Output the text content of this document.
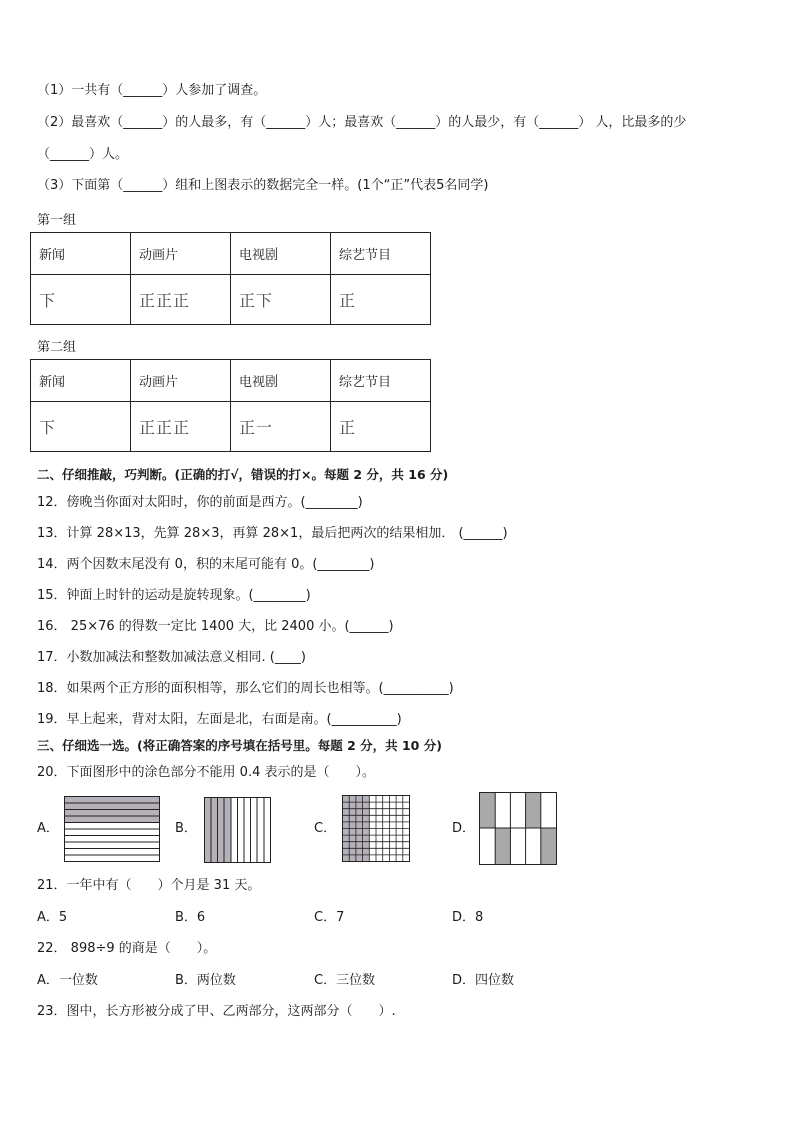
（1）一共有（______）人参加了调查。
（2）最喜欢（______）的人最多，有（______）人；最喜欢（______）的人最少，有（______） 人，比最多的少
（______）人。
（3）下面第（______）组和上图表示的数据完全一样。(1个“正”代表5名同学)
第一组
新闻	动画片	电视剧	综艺节目
下	正正正	正下	正
第二组
新闻	动画片	电视剧	综艺节目
下	正正正	正一	正
二、仔细推敲，巧判断。(正确的打√，错误的打×。每题 2 分，共 16 分)
12．傍晚当你面对太阳时，你的前面是西方。(________)
13．计算 28×13，先算 28×3，再算 28×1，最后把两次的结果相加． (______)
14．两个因数末尾没有 0，积的末尾可能有 0。(________)
15．钟面上时针的运动是旋转现象。(________)
16． 25×76 的得数一定比 1400 大，比 2400 小。(______)
17．小数加减法和整数加减法意义相同. (____)
18．如果两个正方形的面积相等，那么它们的周长也相等。(__________)
19．早上起来，背对太阳，左面是北，右面是南。(__________)
三、仔细选一选。(将正确答案的序号填在括号里。每题 2 分，共 10 分)
20．下面图形中的涂色部分不能用 0.4 表示的是（　　）。
A．	B．	C．	D．
21．一年中有（　　）个月是 31 天。
A．5	B．6	C．7	D．8
22． 898÷9 的商是（　　）。
A．一位数	B．两位数	C．三位数	D．四位数
23．图中，长方形被分成了甲、乙两部分，这两部分（　　）.
